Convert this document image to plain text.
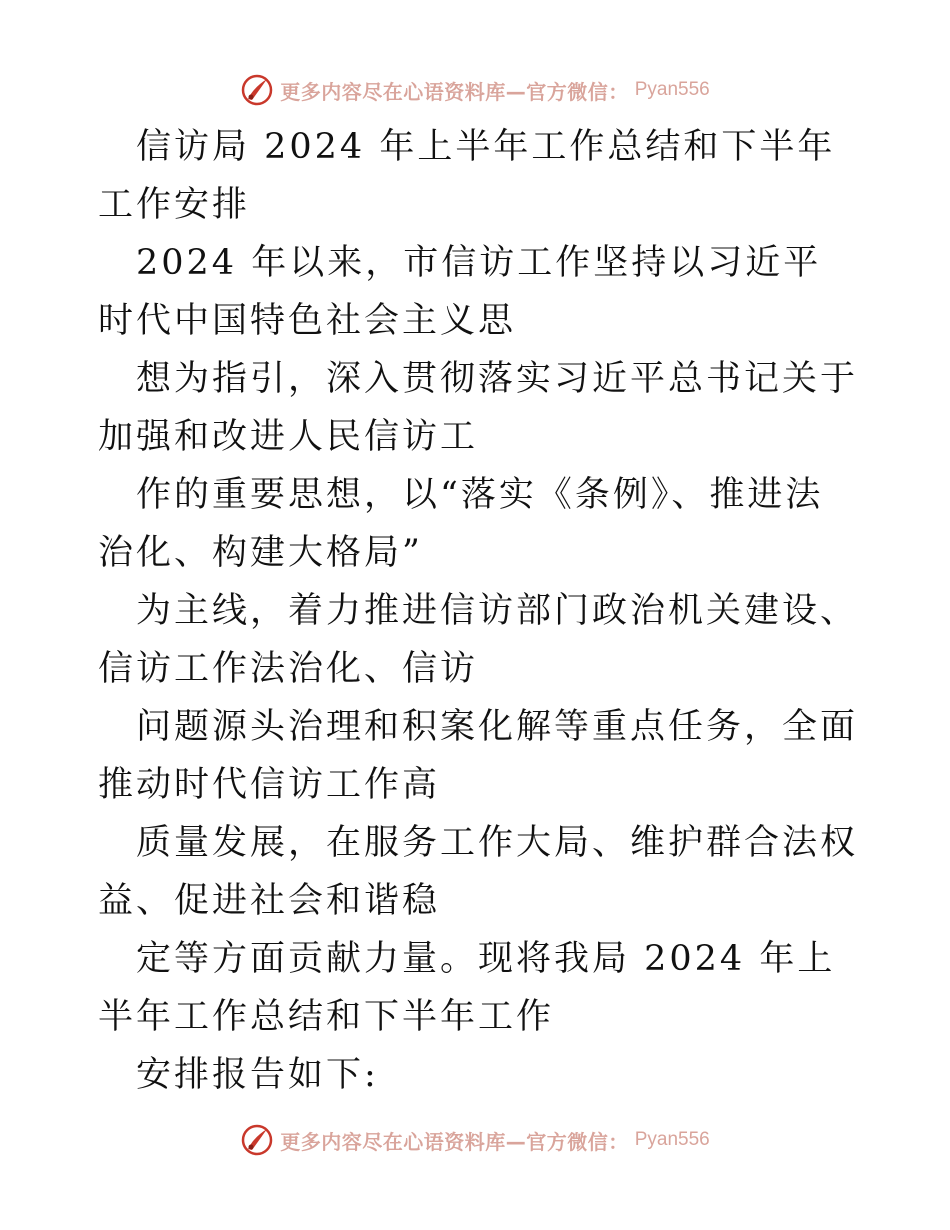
更多内容尽在心语资料库—官方微信： Pyan556

信访局 2024 年上半年工作总结和下半年工作安排

2024 年以来，市信访工作坚持以习近平时代中国特色社会主义思

想为指引，深入贯彻落实习近平总书记关于加强和改进人民信访工

作的重要思想，以“落实《条例》、推进法治化、构建大格局”

为主线，着力推进信访部门政治机关建设、信访工作法治化、信访

问题源头治理和积案化解等重点任务，全面推动时代信访工作高

质量发展，在服务工作大局、维护群合法权益、促进社会和谐稳

定等方面贡献力量。现将我局 2024 年上半年工作总结和下半年工作

安排报告如下:

更多内容尽在心语资料库—官方微信： Pyan556
